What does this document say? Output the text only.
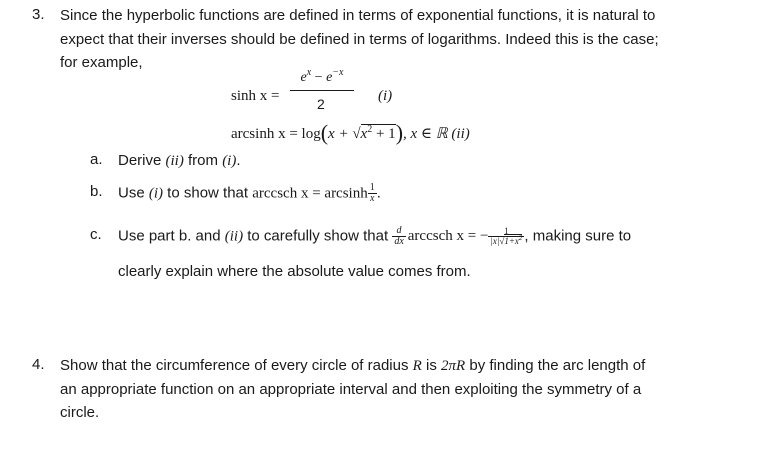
3. Since the hyperbolic functions are defined in terms of exponential functions, it is natural to
expect that their inverses should be defined in terms of logarithms. Indeed this is the case;
for example,
sinh x =
$e^x - e^{-x}$
2	(i)
arcsinh $x = \log(x + √x^2 + 1)$, x ∈ ℝ (ii)
a. Derive (ii) from (i).
b. Use (i) to show that arccsch x = arcsinh $\frac{1}{x}$ .
c. Use part b. and (ii) to carefully show that $\frac{d}{dx}$ arccsch x = − $\frac{1}{|x|√1+x^2}$ , making sure to
clearly explain where the absolute value comes from.
4. Show that the circumference of every circle of radius R is 2πR by finding the arc length of
an appropriate function on an appropriate interval and then exploiting the symmetry of a
circle.
